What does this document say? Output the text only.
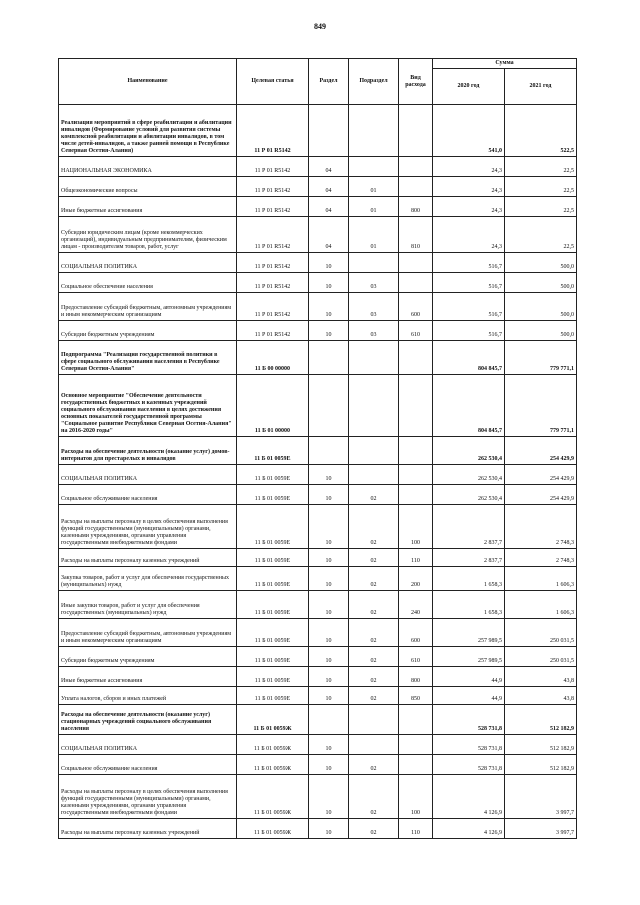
849
Наименование	Целевая статья	Раздел	Подраздел	Вид расхода	Сумма	
					2020 год	2021 год
Реализация мероприятий в сфере реабилитации и абилитации инвалидов (Формирование условий для развития системы комплексной реабилитации и абилитации инвалидов, в том числе детей-инвалидов, а также ранней помощи в Республике Северная Осетия-Алания)	11 Р 01 R5142				541,0	522,5
НАЦИОНАЛЬНАЯ ЭКОНОМИКА	11 Р 01 R5142	04			24,3	22,5
Общеэкономические вопросы	11 Р 01 R5142	04	01		24,3	22,5
Иные бюджетные ассигнования	11 Р 01 R5142	04	01	800	24,3	22,5
Субсидии юридическим лицам (кроме некоммерческих организаций), индивидуальным предпринимателям, физическим лицам - производителям товаров, работ, услуг	11 Р 01 R5142	04	01	810	24,3	22,5
СОЦИАЛЬНАЯ ПОЛИТИКА	11 Р 01 R5142	10			516,7	500,0
Социальное обеспечение населения	11 Р 01 R5142	10	03		516,7	500,0
Предоставление субсидий бюджетным, автономным учреждениям и иным некоммерческим организациям	11 Р 01 R5142	10	03	600	516,7	500,0
Субсидии бюджетным учреждениям	11 Р 01 R5142	10	03	610	516,7	500,0
Подпрограмма "Реализация государственной политики в сфере социального обслуживания населения в Республике Северная Осетия-Алания"	11 Б 00 00000				804 845,7	779 771,1
Основное мероприятие "Обеспечение деятельности государственных бюджетных и казенных учреждений социального обслуживания населения в целях достижения основных показателей государственной программы "Социальное развитие Республики Северная Осетия-Алания" на 2016-2020 годы"	11 Б 01 00000				804 845,7	779 771,1
Расходы на обеспечение деятельности (оказание услуг) домов-интернатов для престарелых и инвалидов	11 Б 01 0059Е				262 530,4	254 429,9
СОЦИАЛЬНАЯ ПОЛИТИКА	11 Б 01 0059Е	10			262 530,4	254 429,9
Социальное обслуживание населения	11 Б 01 0059Е	10	02		262 530,4	254 429,9
Расходы на выплаты персоналу в целях обеспечения выполнения функций государственными (муниципальными) органами, казенными учреждениями, органами управления государственными внебюджетными фондами	11 Б 01 0059Е	10	02	100	2 837,7	2 748,3
Расходы на выплаты персоналу казенных учреждений	11 Б 01 0059Е	10	02	110	2 837,7	2 748,3
Закупка товаров, работ и услуг для обеспечения государственных (муниципальных) нужд	11 Б 01 0059Е	10	02	200	1 658,3	1 606,3
Иные закупки товаров, работ и услуг для обеспечения государственных (муниципальных) нужд	11 Б 01 0059Е	10	02	240	1 658,3	1 606,3
Предоставление субсидий бюджетным, автономным учреждениям и иным некоммерческим организациям	11 Б 01 0059Е	10	02	600	257 989,5	250 031,5
Субсидии бюджетным учреждениям	11 Б 01 0059Е	10	02	610	257 989,5	250 031,5
Иные бюджетные ассигнования	11 Б 01 0059Е	10	02	800	44,9	43,8
Уплата налогов, сборов и иных платежей	11 Б 01 0059Е	10	02	850	44,9	43,8
Расходы на обеспечение деятельности (оказание услуг) стационарных учреждений социального обслуживания населения	11 Б 01 0059Ж				528 731,8	512 182,9
СОЦИАЛЬНАЯ ПОЛИТИКА	11 Б 01 0059Ж	10			528 731,8	512 182,9
Социальное обслуживание населения	11 Б 01 0059Ж	10	02		528 731,8	512 182,9
Расходы на выплаты персоналу в целях обеспечения выполнения функций государственными (муниципальными) органами, казенными учреждениями, органами управления государственными внебюджетными фондами	11 Б 01 0059Ж	10	02	100	4 126,9	3 997,7
Расходы на выплаты персоналу казенных учреждений	11 Б 01 0059Ж	10	02	110	4 126,9	3 997,7
